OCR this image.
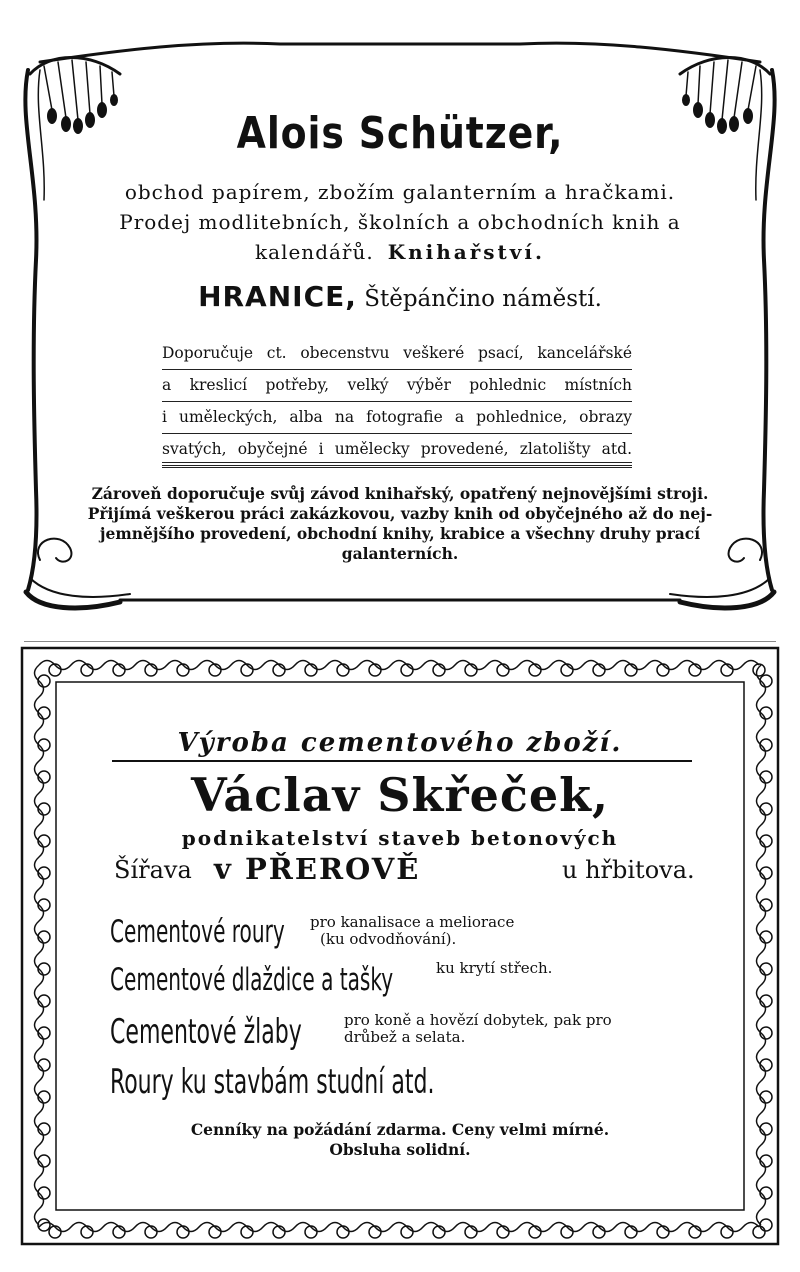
Alois Schützer,
obchod papírem, zbožím galanterním a hračkami.
Prodej modlitebních, školních a obchodních knih a
kalendářů. Knihařství.
HRANICE, Štěpánčino náměstí.
Doporučuje ct. obecenstvu veškeré psací, kancelářské
a kreslicí potřeby, velký výběr pohlednic místních
i uměleckých, alba na fotografie a pohlednice, obrazy
svatých, obyčejné i umělecky provedené, zlatolišty atd.
Zároveň doporučuje svůj závod knihařský, opatřený nejnovějšími stroji.
Přijímá veškerou práci zakázkovou, vazby knih od obyčejného až do nej-
jemnějšího provedení, obchodní knihy, krabice a všechny druhy prací
galanterních.
Výroba cementového zboží.
Václav Skřeček,
podnikatelství staveb betonových
Šířava v PŘEROVĚ	u hřbitova.
Cementové roury	pro kanalisace a meliorace
(ku odvodňování).
Cementové dlaždice a tašky	ku krytí střech.
Cementové žlaby	pro koně a hovězí dobytek, pak pro
drůbež a selata.
Roury ku stavbám studní atd.
Cenníky na požádání zdarma. Ceny velmi mírné.
Obsluha solidní.
